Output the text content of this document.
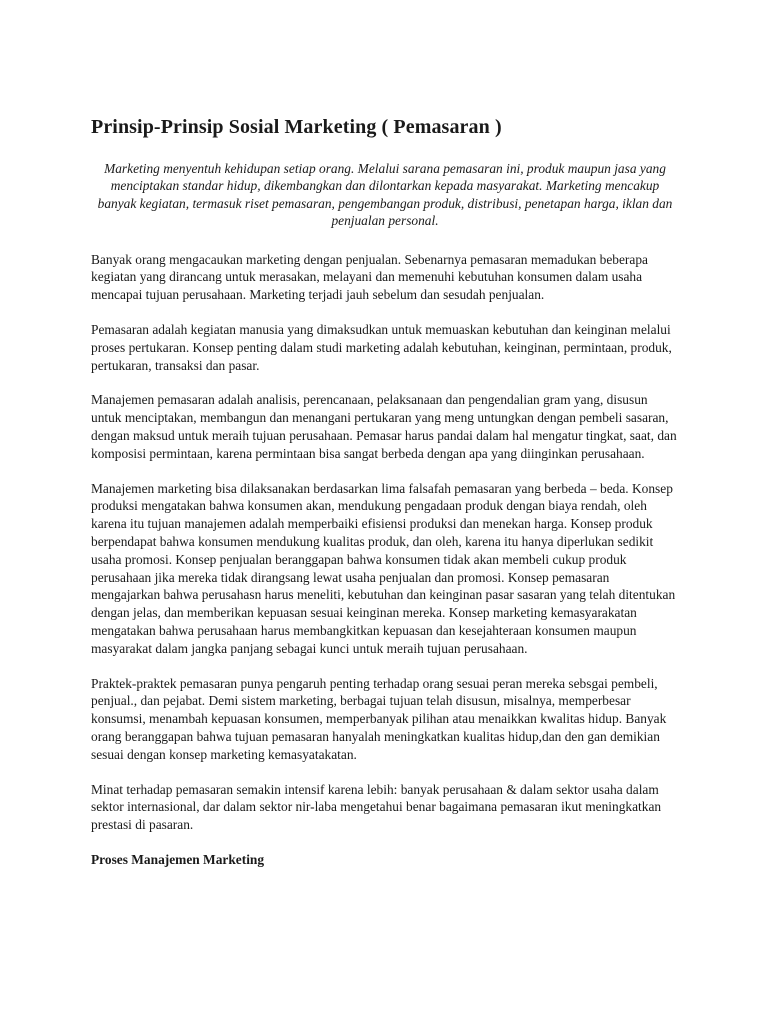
Prinsip-Prinsip Sosial Marketing ( Pemasaran )

Marketing menyentuh kehidupan setiap orang. Melalui sarana pemasaran ini, produk maupun jasa yang menciptakan standar hidup, dikembangkan dan dilontarkan kepada masyarakat. Marketing mencakup banyak kegiatan, termasuk riset pemasaran, pengembangan produk, distribusi, penetapan harga, iklan dan penjualan personal.

Banyak orang mengacaukan marketing dengan penjualan. Sebenarnya pemasaran memadukan beberapa kegiatan yang dirancang untuk merasakan, melayani dan memenuhi kebutuhan konsumen dalam usaha mencapai tujuan perusahaan. Marketing terjadi jauh sebelum dan sesudah penjualan.

Pemasaran adalah kegiatan manusia yang dimaksudkan untuk memuaskan kebutuhan dan keinginan melalui proses pertukaran. Konsep penting dalam studi marketing adalah kebutuhan, keinginan, permintaan, produk, pertukaran, transaksi dan pasar.

Manajemen pemasaran adalah analisis, perencanaan, pelaksanaan dan pengendalian gram yang, disusun untuk menciptakan, membangun dan menangani pertukaran yang meng untungkan dengan pembeli sasaran, dengan maksud untuk meraih tujuan perusahaan. Pemasar harus pandai dalam hal mengatur tingkat, saat, dan komposisi permintaan, karena permintaan bisa sangat berbeda dengan apa yang diinginkan perusahaan.

Manajemen marketing bisa dilaksanakan berdasarkan lima falsafah pemasaran yang berbeda – beda. Konsep produksi mengatakan bahwa konsumen akan, mendukung pengadaan produk dengan biaya rendah, oleh karena itu tujuan manajemen adalah memperbaiki efisiensi produksi dan menekan harga. Konsep produk berpendapat bahwa konsumen mendukung kualitas produk, dan oleh, karena itu hanya diperlukan sedikit usaha promosi. Konsep penjualan beranggapan bahwa konsumen tidak akan membeli cukup produk perusahaan jika mereka tidak dirangsang lewat usaha penjualan dan promosi. Konsep pemasaran mengajarkan bahwa perusahasn harus meneliti, kebutuhan dan keinginan pasar sasaran yang telah ditentukan dengan jelas, dan memberikan kepuasan sesuai keinginan mereka. Konsep marketing kemasyarakatan mengatakan bahwa perusahaan harus membangkitkan kepuasan dan kesejahteraan konsumen maupun masyarakat dalam jangka panjang sebagai kunci untuk meraih tujuan perusahaan.

Praktek-praktek pemasaran punya pengaruh penting terhadap orang sesuai peran mereka sebsgai pembeli, penjual., dan pejabat. Demi sistem marketing, berbagai tujuan telah disusun, misalnya, memperbesar konsumsi, menambah kepuasan konsumen, memperbanyak pilihan atau menaikkan kwalitas hidup. Banyak orang beranggapan bahwa tujuan pemasaran hanyalah meningkatkan kualitas hidup,dan den gan demikian sesuai dengan konsep marketing kemasyatakatan.

Minat terhadap pemasaran semakin intensif karena lebih: banyak perusahaan & dalam sektor usaha dalam sektor internasional, dar dalam sektor nir-laba mengetahui benar bagaimana pemasaran ikut meningkatkan prestasi di pasaran.

Proses Manajemen Marketing
